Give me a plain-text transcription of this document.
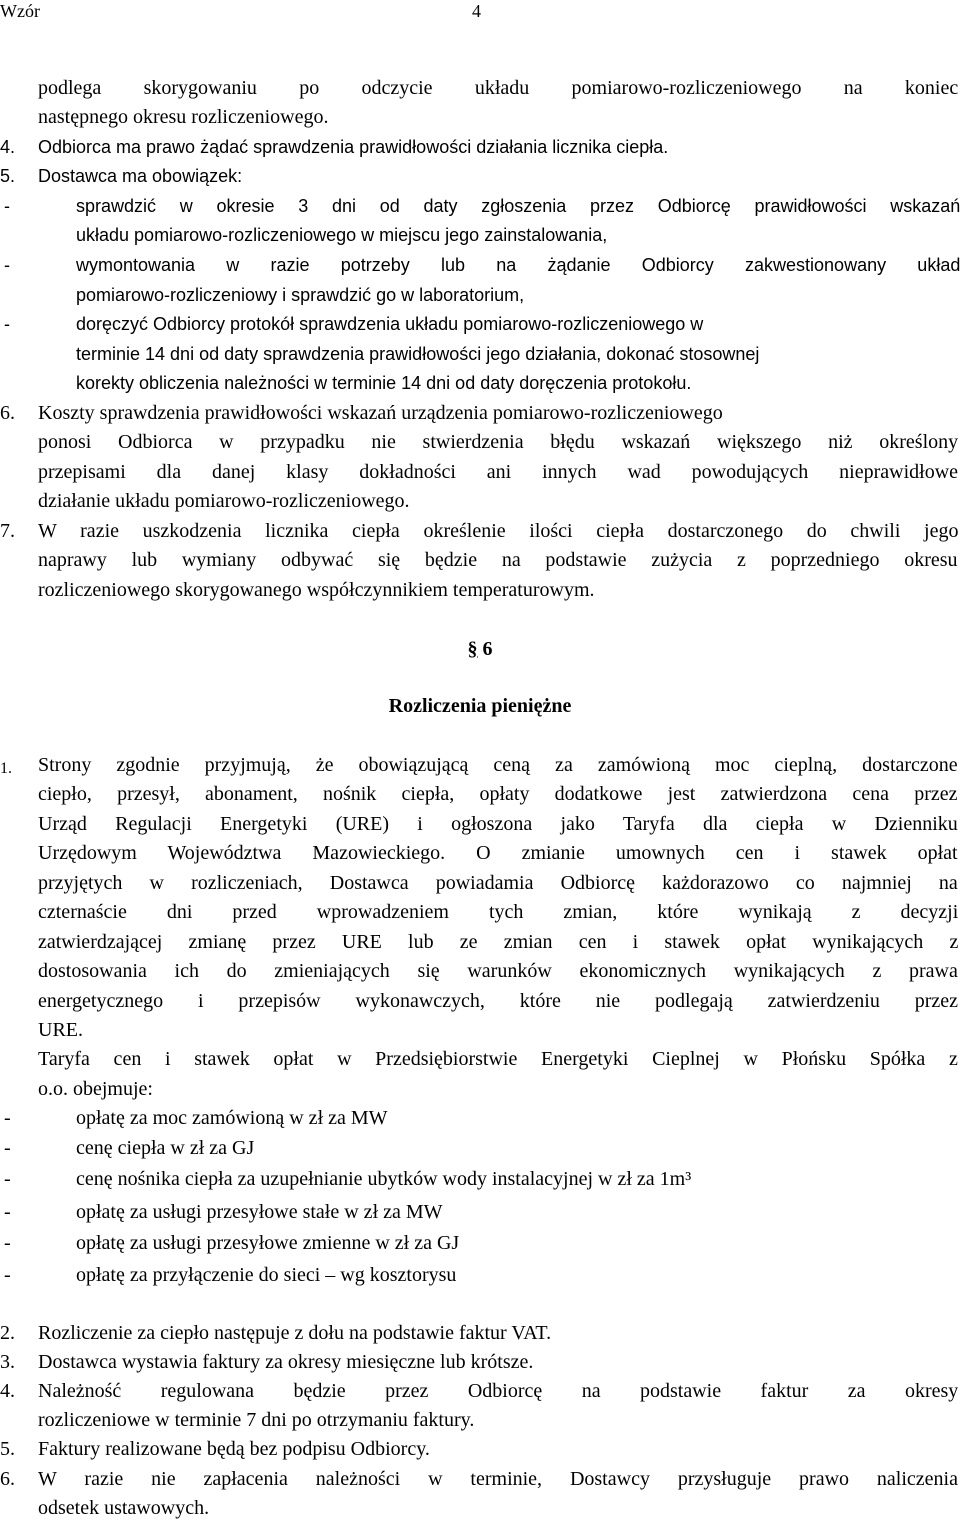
Wzór	4
podlega skorygowaniu po odczycie układu pomiarowo-rozliczeniowego na koniec
następnego okresu rozliczeniowego.
4. Odbiorca ma prawo żądać sprawdzenia prawidłowości działania licznika ciepła.
5. Dostawca ma obowiązek:
-	sprawdzić w okresie 3 dni od daty zgłoszenia przez Odbiorcę prawidłowości wskazań
układu pomiarowo-rozliczeniowego w miejscu jego zainstalowania,
-	wymontowania w razie potrzeby lub na żądanie Odbiorcy zakwestionowany układ
pomiarowo-rozliczeniowy i sprawdzić go w laboratorium,
-	doręczyć Odbiorcy protokół sprawdzenia układu pomiarowo-rozliczeniowego w
terminie 14 dni od daty sprawdzenia prawidłowości jego działania, dokonać stosownej
korekty obliczenia należności w terminie 14 dni od daty doręczenia protokołu.
6. Koszty sprawdzenia prawidłowości wskazań urządzenia pomiarowo-rozliczeniowego
ponosi Odbiorca w przypadku nie stwierdzenia błędu wskazań większego niż określony
przepisami dla danej klasy dokładności ani innych wad powodujących nieprawidłowe
działanie układu pomiarowo-rozliczeniowego.
7. W razie uszkodzenia licznika ciepła określenie ilości ciepła dostarczonego do chwili jego
naprawy lub wymiany odbywać się będzie na podstawie zużycia z poprzedniego okresu
rozliczeniowego skorygowanego współczynnikiem temperaturowym.
§ 6
Rozliczenia pieniężne
1. Strony zgodnie przyjmują, że obowiązującą ceną za zamówioną moc cieplną, dostarczone
ciepło, przesył, abonament, nośnik ciepła, opłaty dodatkowe jest zatwierdzona cena przez
Urząd Regulacji Energetyki (URE) i ogłoszona jako Taryfa dla ciepła w Dzienniku
Urzędowym Województwa Mazowieckiego. O zmianie umownych cen i stawek opłat
przyjętych w rozliczeniach, Dostawca powiadamia Odbiorcę każdorazowo co najmniej na
czternaście dni przed wprowadzeniem tych zmian, które wynikają z decyzji
zatwierdzającej zmianę przez URE lub ze zmian cen i stawek opłat wynikających z
dostosowania ich do zmieniających się warunków ekonomicznych wynikających z prawa
energetycznego i przepisów wykonawczych, które nie podlegają zatwierdzeniu przez
URE.
Taryfa cen i stawek opłat w Przedsiębiorstwie Energetyki Cieplnej w Płońsku Spółka z
o.o. obejmuje:
-	opłatę za moc zamówioną w zł za MW
-	cenę ciepła w zł za GJ
-	cenę nośnika ciepła za uzupełnianie ubytków wody instalacyjnej w zł za 1m³
-	opłatę za usługi przesyłowe stałe w zł za MW
-	opłatę za usługi przesyłowe zmienne w zł za GJ
-	opłatę za przyłączenie do sieci – wg kosztorysu
2. Rozliczenie za ciepło następuje z dołu na podstawie faktur VAT.
3. Dostawca wystawia faktury za okresy miesięczne lub krótsze.
4. Należność regulowana będzie przez Odbiorcę na podstawie faktur za okresy
rozliczeniowe w terminie 7 dni po otrzymaniu faktury.
5. Faktury realizowane będą bez podpisu Odbiorcy.
6. W razie nie zapłacenia należności w terminie, Dostawcy przysługuje prawo naliczenia
odsetek ustawowych.
